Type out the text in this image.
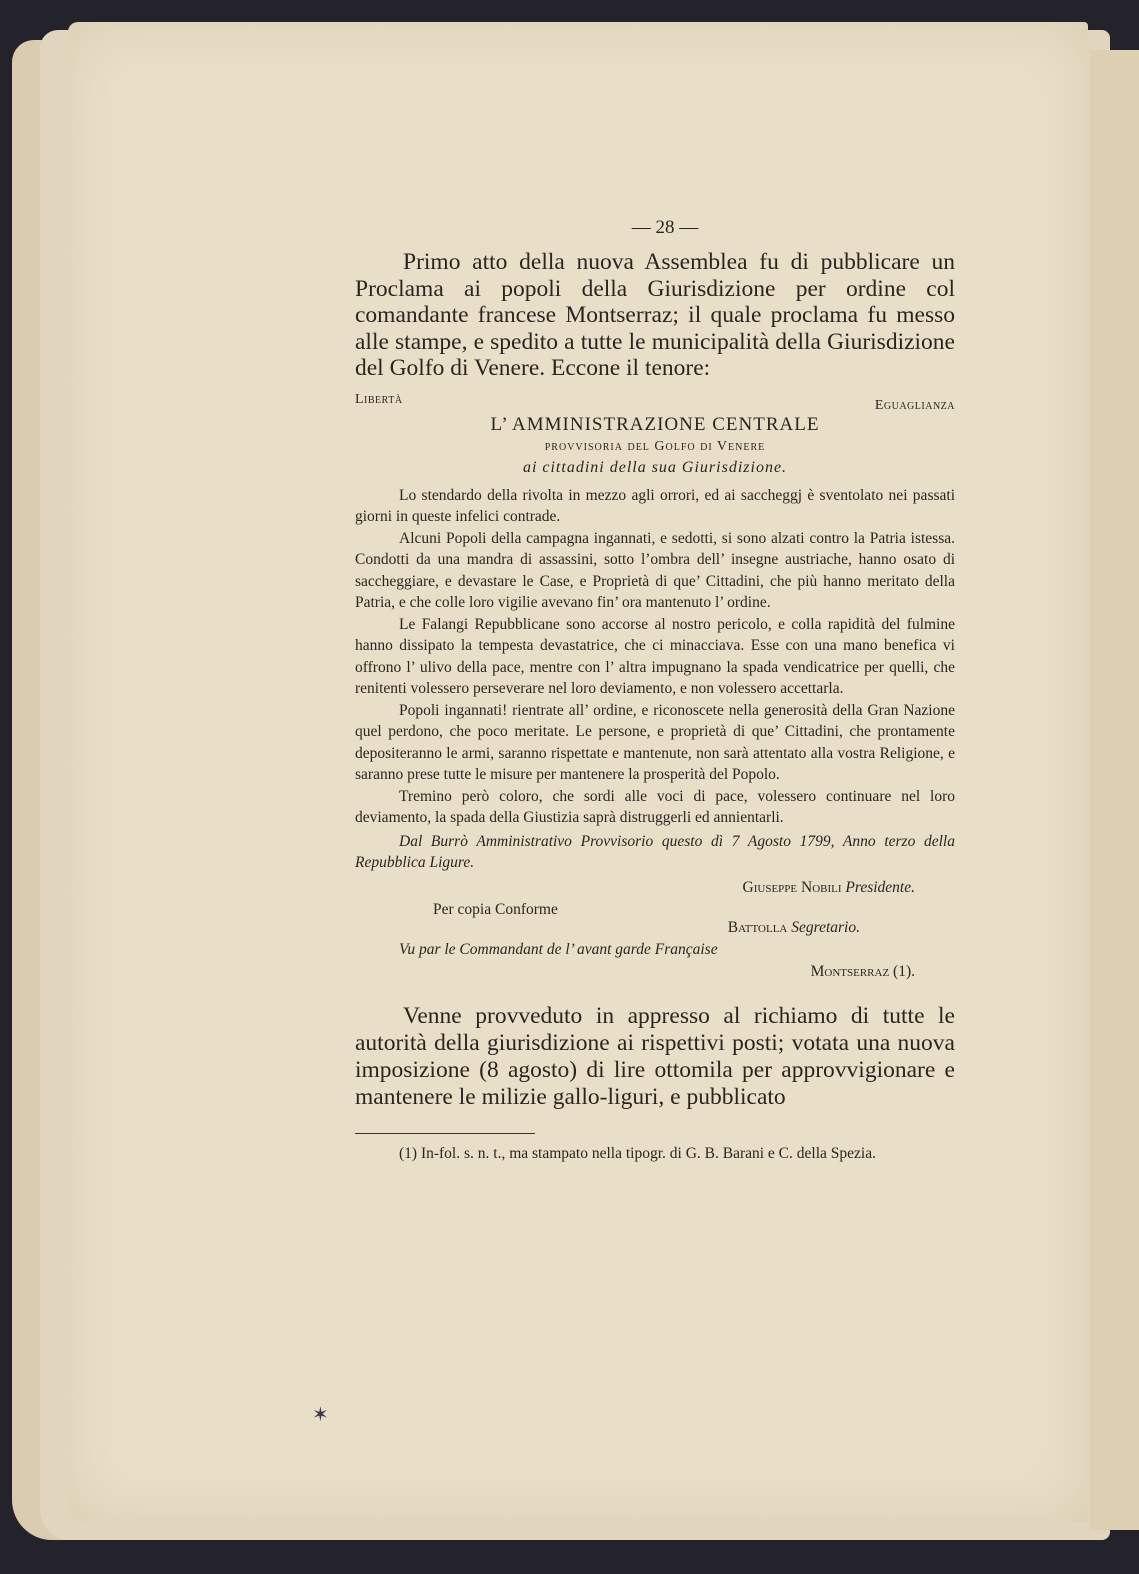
— 28 —

Primo atto della nuova Assemblea fu di pubblicare un Proclama ai popoli della Giurisdizione per ordine col comandante francese Montserraz; il quale proclama fu messo alle stampe, e spedito a tutte le municipalità della Giurisdizione del Golfo di Venere. Eccone il tenore:

Libertà	Eguaglianza
L’ AMMINISTRAZIONE CENTRALE
provvisoria del Golfo di Venere
ai cittadini della sua Giurisdizione.

Lo stendardo della rivolta in mezzo agli orrori, ed ai saccheggj è sventolato nei passati giorni in queste infelici contrade.

Alcuni Popoli della campagna ingannati, e sedotti, si sono alzati contro la Patria istessa. Condotti da una mandra di assassini, sotto l’ombra dell’ insegne austriache, hanno osato di saccheggiare, e devastare le Case, e Proprietà di que’ Cittadini, che più hanno meritato della Patria, e che colle loro vigilie avevano fin’ ora mantenuto l’ ordine.

Le Falangi Repubblicane sono accorse al nostro pericolo, e colla rapidità del fulmine hanno dissipato la tempesta devastatrice, che ci minacciava. Esse con una mano benefica vi offrono l’ ulivo della pace, mentre con l’ altra impugnano la spada vendicatrice per quelli, che renitenti volessero perseverare nel loro deviamento, e non volessero accettarla.

Popoli ingannati! rientrate all’ ordine, e riconoscete nella generosità della Gran Nazione quel perdono, che poco meritate. Le persone, e proprietà di que’ Cittadini, che prontamente depositeranno le armi, saranno rispettate e mantenute, non sarà attentato alla vostra Religione, e saranno prese tutte le misure per mantenere la prosperità del Popolo.

Tremino però coloro, che sordi alle voci di pace, volessero continuare nel loro deviamento, la spada della Giustizia saprà distruggerli ed annientarli.

Dal Burrò Amministrativo Provvisorio questo dì 7 Agosto 1799, Anno terzo della Repubblica Ligure.
Giuseppe Nobili Presidente.
Per copia Conforme
Battolla Segretario.
Vu par le Commandant de l’ avant garde Française
Montserraz (1).

Venne provveduto in appresso al richiamo di tutte le autorità della giurisdizione ai rispettivi posti; votata una nuova imposizione (8 agosto) di lire ottomila per approvvigionare e mantenere le milizie gallo-liguri, e pubblicato

(1) In-fol. s. n. t., ma stampato nella tipogr. di G. B. Barani e C. della Spezia.

✶
